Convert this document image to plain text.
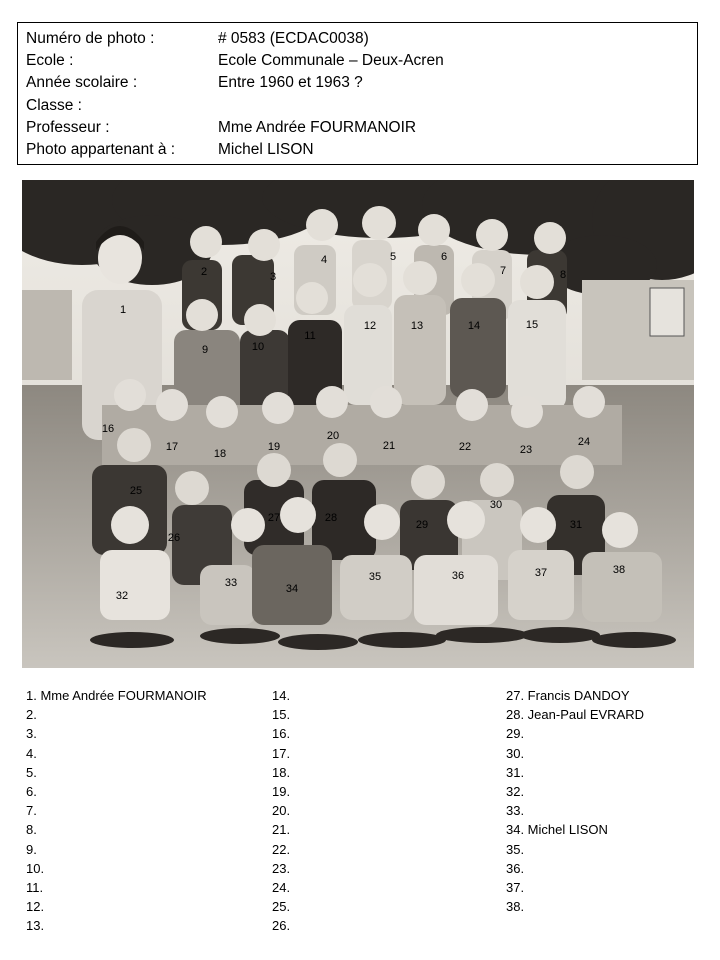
Numéro de photo :	# 0583 (ECDAC0038)
Ecole :	Ecole Communale – Deux-Acren
Année scolaire :	Entre 1960 et 1963 ?
Classe :
Professeur :	Mme Andrée FOURMANOIR
Photo appartenant à :	Michel LISON
1
2	3
4	5	6
7	8
9	10
11
12	13	14	15
16
17
18
19
20
21	22	23
24
25
26
27	28
29
30
31
32
33	34
35	36	37	38
1. Mme Andrée FOURMANOIR
2.
3.
4.
5.
6.
7.
8.
9.
10.
11.
12.
13.
14.
15.
16.
17.
18.
19.
20.
21.
22.
23.
24.
25.
26.
27. Francis DANDOY
28. Jean-Paul EVRARD
29.
30.
31.
32.
33.
34. Michel LISON
35.
36.
37.
38.
